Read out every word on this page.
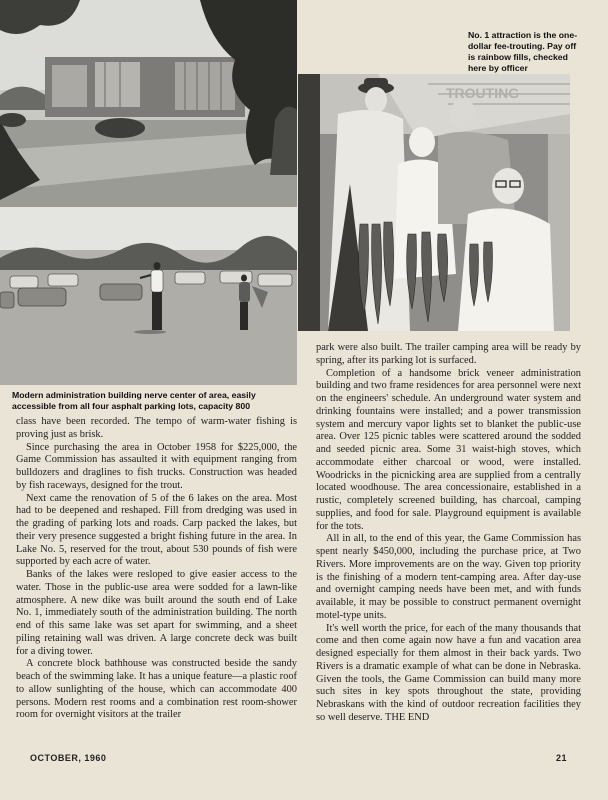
TROUTING
No. 1 attraction is the one-dollar fee-trouting. Pay off is rainbow fills, checked here by officer
Modern administration building nerve center of area, easily accessible from all four asphalt parking lots, capacity 800

class have been recorded. The tempo of warm-water fishing is proving just as brisk.

Since purchasing the area in October 1958 for $225,000, the Game Commission has assaulted it with equipment ranging from bulldozers and draglines to fish trucks. Construction was headed by fish raceways, designed for the trout.

Next came the renovation of 5 of the 6 lakes on the area. Most had to be deepened and reshaped. Fill from dredging was used in the grading of parking lots and roads. Carp packed the lakes, but their very presence suggested a bright fishing future in the area. In Lake No. 5, reserved for the trout, about 530 pounds of fish were supported by each acre of water.

Banks of the lakes were resloped to give easier access to the water. Those in the public-use area were sodded for a lawn-like atmosphere. A new dike was built around the south end of Lake No. 1, immediately south of the administration building. The north end of this same lake was set apart for swimming, and a sheet piling retaining wall was driven. A large concrete deck was built for a diving tower.

A concrete block bathhouse was constructed beside the sandy beach of the swimming lake. It has a unique feature—a plastic roof to allow sunlighting of the house, which can accommodate 400 persons. Modern rest rooms and a combination rest room-shower room for overnight visitors at the trailer

park were also built. The trailer camping area will be ready by spring, after its parking lot is surfaced.

Completion of a handsome brick veneer administration building and two frame residences for area personnel were next on the engineers' schedule. An underground water system and drinking fountains were installed; and a power transmission system and mercury vapor lights set to blanket the public-use area. Over 125 picnic tables were scattered around the sodded and seeded picnic area. Some 31 waist-high stoves, which accommodate either charcoal or wood, were installed. Woodricks in the picnicking area are supplied from a centrally located woodhouse. The area concessionaire, established in a rustic, completely screened building, has charcoal, camping supplies, and food for sale. Playground equipment is available for the tots.

All in all, to the end of this year, the Game Commission has spent nearly $450,000, including the purchase price, at Two Rivers. More improvements are on the way. Given top priority is the finishing of a modern tent-camping area. After day-use and overnight camping needs have been met, and with funds available, it may be possible to construct permanent overnight motel-type units.

It's well worth the price, for each of the many thousands that come and then come again now have a fun and vacation area designed especially for them almost in their back yards. Two Rivers is a dramatic example of what can be done in Nebraska. Given the tools, the Game Commission can build many more such sites in key spots throughout the state, providing Nebraskans with the kind of outdoor recreation facilities they so well deserve. THE END

OCTOBER, 1960	21
